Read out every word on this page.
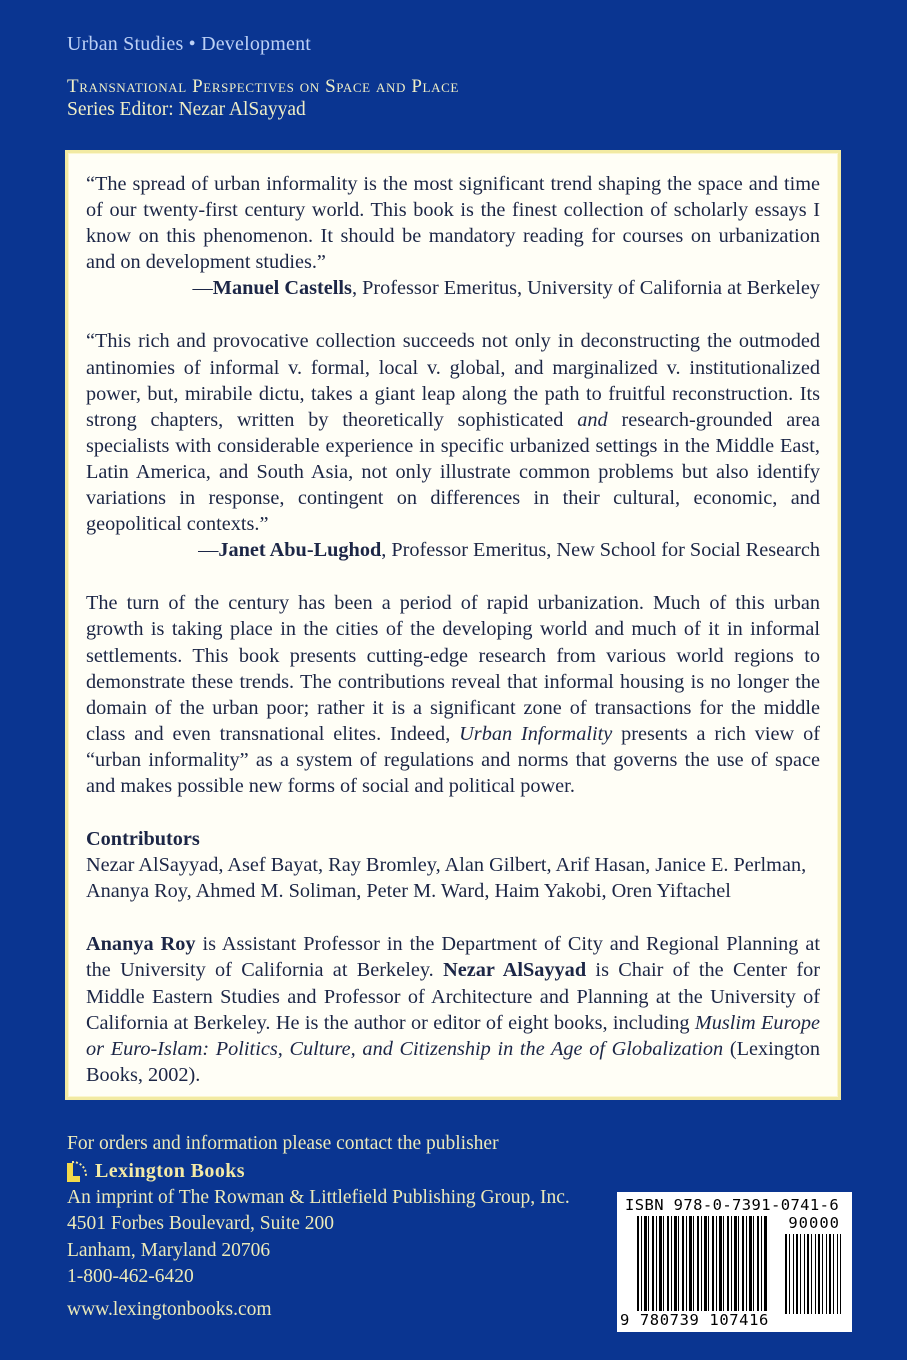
Urban Studies • Development
Transnational Perspectives on Space and Place
Series Editor: Nezar AlSayyad

“The spread of urban informality is the most significant trend shaping the space and time of our twenty-first century world. This book is the finest collection of scholarly essays I know on this phenomenon. It should be mandatory reading for courses on urbanization and on development studies.”

—Manuel Castells, Professor Emeritus, University of California at Berkeley

“This rich and provocative collection succeeds not only in deconstructing the outmoded antinomies of informal v. formal, local v. global, and marginalized v. institutionalized power, but, mirabile dictu, takes a giant leap along the path to fruitful reconstruction. Its strong chapters, written by theoretically sophisticated and research-grounded area specialists with considerable experience in specific urbanized settings in the Middle East, Latin America, and South Asia, not only illustrate common problems but also identify variations in response, contingent on differences in their cultural, economic, and geopolitical contexts.”

—Janet Abu-Lughod, Professor Emeritus, New School for Social Research

The turn of the century has been a period of rapid urbanization. Much of this urban growth is taking place in the cities of the developing world and much of it in informal settlements. This book presents cutting-edge research from various world regions to demonstrate these trends. The contributions reveal that informal housing is no longer the domain of the urban poor; rather it is a significant zone of transactions for the middle class and even transnational elites. Indeed, Urban Informality presents a rich view of “urban informality” as a system of regulations and norms that governs the use of space and makes possible new forms of social and political power.

Contributors

Nezar AlSayyad, Asef Bayat, Ray Bromley, Alan Gilbert, Arif Hasan, Janice E. Perlman, Ananya Roy, Ahmed M. Soliman, Peter M. Ward, Haim Yakobi, Oren Yiftachel

Ananya Roy is Assistant Professor in the Department of City and Regional Planning at the University of California at Berkeley. Nezar AlSayyad is Chair of the Center for Middle Eastern Studies and Professor of Architecture and Planning at the University of California at Berkeley. He is the author or editor of eight books, including Muslim Europe or Euro-Islam: Politics, Culture, and Citizenship in the Age of Globalization (Lexington Books, 2002).

For orders and information please contact the publisher
Lexington Books
An imprint of The Rowman & Littlefield Publishing Group, Inc.
4501 Forbes Boulevard, Suite 200
Lanham, Maryland 20706
1-800-462-6420
www.lexingtonbooks.com
ISBN 978-0-7391-0741-6
90000
9 780739 107416
